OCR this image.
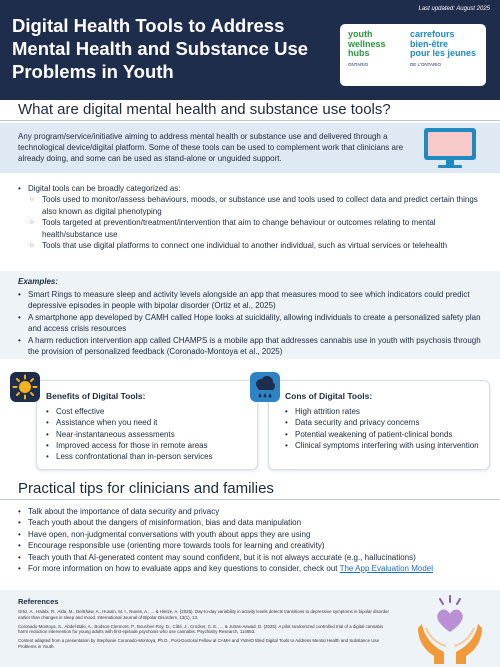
Last updated: August 2025
Digital Health Tools to Address Mental Health and Substance Use Problems in Youth
youth
wellness
hubs
ONTARIO
carrefours
bien-être
pour les jeunes
DE L'ONTARIO
What are digital mental health and substance use tools?

Any program/service/initiative aiming to address mental health or substance use and delivered through a technological device/digital platform. Some of these tools can be used to complement work that clinicians are already doing, and some can be used as stand-alone or unguided support.

• Digital tools can be broadly categorized as:
○ Tools used to monitor/assess behaviours, moods, or substance use and tools used to collect data and predict certain things also known as digital phenotyping
○ Tools targeted at prevention/treatment/intervention that aim to change behaviour or outcomes relating to mental health/substance use
○ Tools that use digital platforms to connect one individual to another individual, such as virtual services or telehealth
Examples:
• Smart Rings to measure sleep and activity levels alongside an app that measures mood to see which indicators could predict depressive episodes in people with bipolar disorder (Ortiz et al., 2025)
• A smartphone app developed by CAMH called Hope looks at suicidality, allowing individuals to create a personalized safety plan and access crisis resources
• A harm reduction intervention app called CHAMPS is a mobile app that addresses cannabis use in youth with psychosis through the provision of personalized feedback (Coronado-Montoya et al., 2025)
Benefits of Digital Tools:
• Cost effective
• Assistance when you need it
• Near-instantaneous assessments
• Improved access for those in remote areas
• Less confrontational than in-person services
Cons of Digital Tools:
• High attrition rates
• Data security and privacy concerns
• Potential weakening of patient-clinical bonds
• Clinical symptoms interfering with using intervention
Practical tips for clinicians and families
• Talk about the importance of data security and privacy
• Teach youth about the dangers of misinformation, bias and data manipulation
• Have open, non-judgmental conversations with youth about apps they are using
• Encourage responsible use (orienting more towards tools for learning and creativity)
• Teach youth that AI-generated content may sound confident, but it is not always accurate (e.g., hallucinations)
• For more information on how to evaluate apps and key questions to consider, check out The App Evaluation Model
References

Ortiz, A., Halabi, R., Alda, M., DelShaw, A., Husain, M. I., Nunes, A., ... & Hintze, A. (2025). Day-to-day variability in activity levels detects transitions to depressive symptoms in bipolar disorder earlier than changes in sleep and mood. International Journal of Bipolar Disorders, 13(1), 13.

Coronado-Montoya, S., Abdel-Baki, A., Bodson-Clermont, P., Bouchier-Roy, D., Côté, J., Crocker, C. E., ... & Jutras-Aswad, D. (2025). A pilot randomized controlled trial of a digital cannabis harm reduction intervention for young adults with first-episode psychosis who use cannabis. Psychiatry Research, 114653.

Content adapted from a presentation by Stephanie Coronado-Montoya, Ph.D., Post-Doctoral Fellow at CAMH and YWHO titled Digital Tools to Address Mental Health and Substance Use Problems in Youth.
